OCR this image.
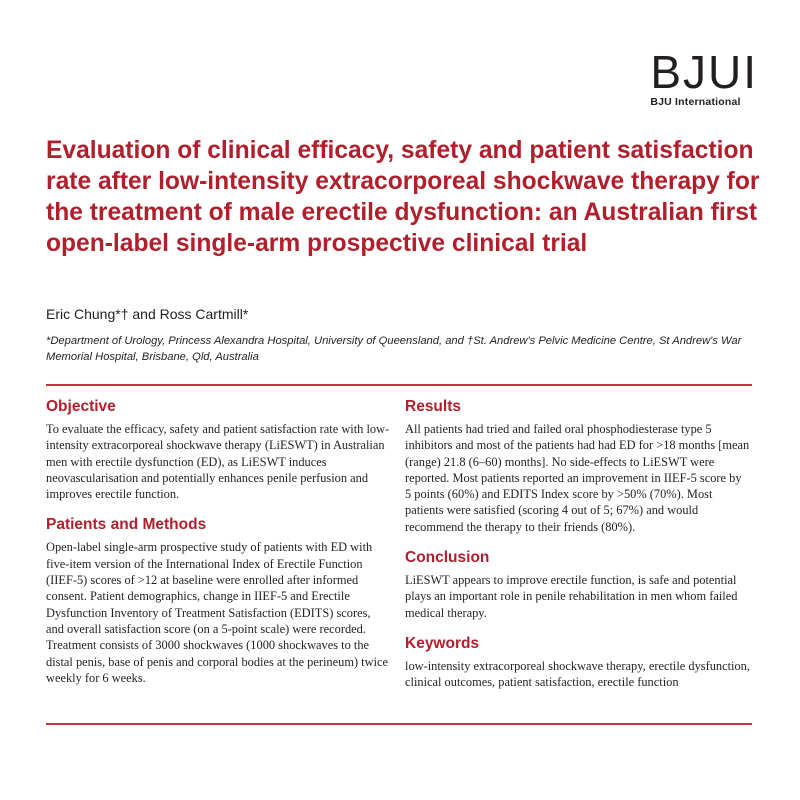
BJUI
BJU International
Evaluation of clinical efficacy, safety and patient satisfaction rate after low-intensity extracorporeal shockwave therapy for the treatment of male erectile dysfunction: an Australian first open-label single-arm prospective clinical trial
Eric Chung*† and Ross Cartmill*
*Department of Urology, Princess Alexandra Hospital, University of Queensland, and †St. Andrew's Pelvic Medicine Centre, St Andrew's War Memorial Hospital, Brisbane, Qld, Australia
Objective

To evaluate the efficacy, safety and patient satisfaction rate with low-intensity extracorporeal shockwave therapy (LiESWT) in Australian men with erectile dysfunction (ED), as LiESWT induces neovascularisation and potentially enhances penile perfusion and improves erectile function.

Patients and Methods

Open-label single-arm prospective study of patients with ED with five-item version of the International Index of Erectile Function (IIEF-5) scores of >12 at baseline were enrolled after informed consent. Patient demographics, change in IIEF-5 and Erectile Dysfunction Inventory of Treatment Satisfaction (EDITS) scores, and overall satisfaction score (on a 5-point scale) were recorded. Treatment consists of 3000 shockwaves (1000 shockwaves to the distal penis, base of penis and corporal bodies at the perineum) twice weekly for 6 weeks.

Results

All patients had tried and failed oral phosphodiesterase type 5 inhibitors and most of the patients had had ED for >18 months [mean (range) 21.8 (6–60) months]. No side-effects to LiESWT were reported. Most patients reported an improvement in IIEF-5 score by 5 points (60%) and EDITS Index score by >50% (70%). Most patients were satisfied (scoring 4 out of 5; 67%) and would recommend the therapy to their friends (80%).

Conclusion

LiESWT appears to improve erectile function, is safe and potential plays an important role in penile rehabilitation in men whom failed medical therapy.

Keywords

low-intensity extracorporeal shockwave therapy, erectile dysfunction, clinical outcomes, patient satisfaction, erectile function
